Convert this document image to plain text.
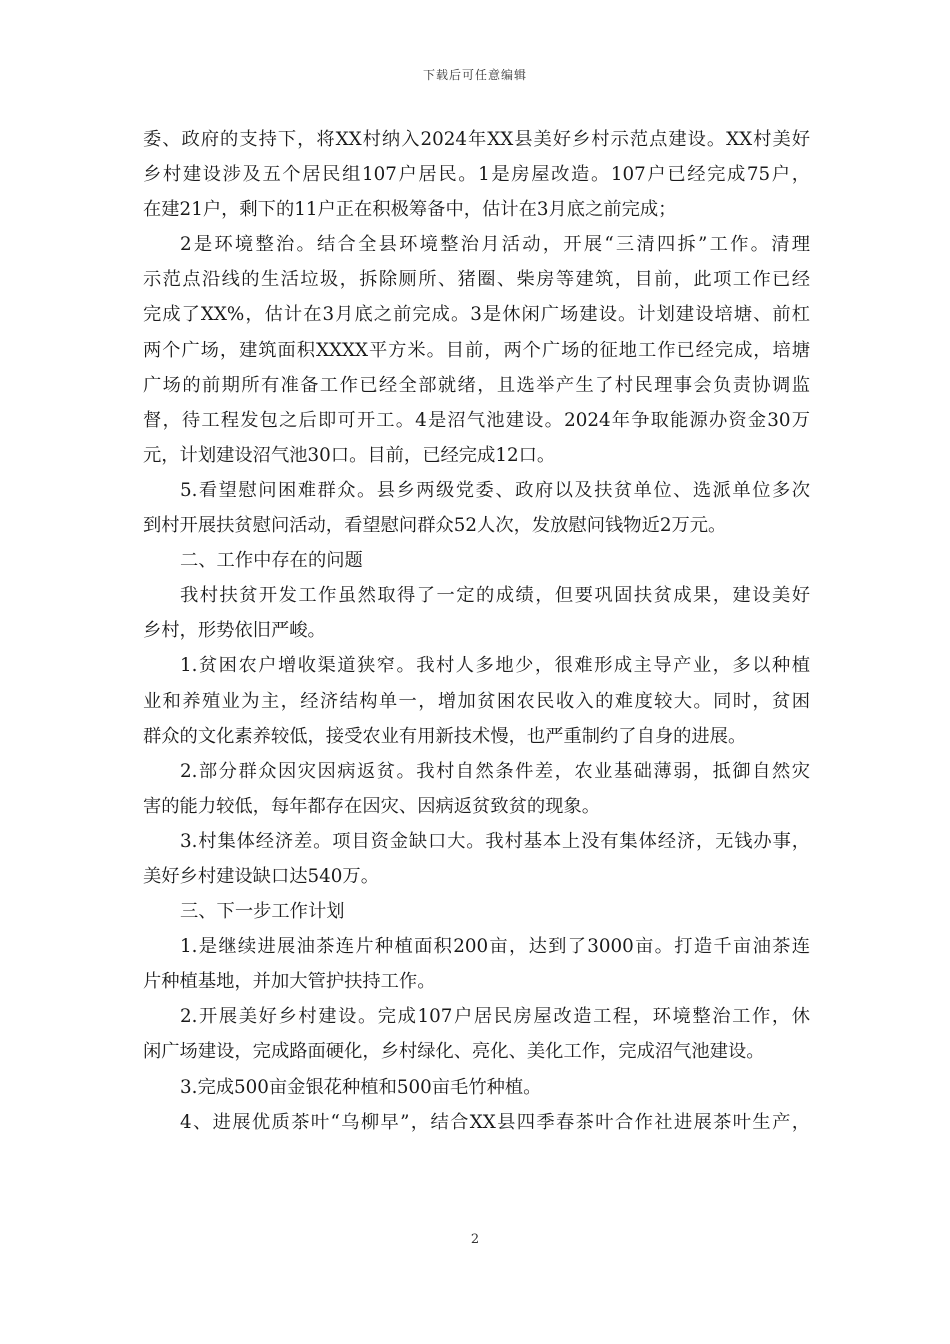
下载后可任意编辑
委、政府的支持下，将XX村纳入2024年XX县美好乡村示范点建设。XX村美好
乡村建设涉及五个居民组107户居民。1是房屋改造。107户已经完成75户，
在建21户，剩下的11户正在积极筹备中，估计在3月底之前完成；
2是环境整治。结合全县环境整治月活动，开展“三清四拆”工作。清理
示范点沿线的生活垃圾，拆除厕所、猪圈、柴房等建筑，目前，此项工作已经
完成了XX%，估计在3月底之前完成。3是休闲广场建设。计划建设培塘、前杠
两个广场，建筑面积XXXX平方米。目前，两个广场的征地工作已经完成，培塘
广场的前期所有准备工作已经全部就绪，且选举产生了村民理事会负责协调监
督，待工程发包之后即可开工。4是沼气池建设。2024年争取能源办资金30万
元，计划建设沼气池30口。目前，已经完成12口。
5.看望慰问困难群众。县乡两级党委、政府以及扶贫单位、选派单位多次
到村开展扶贫慰问活动，看望慰问群众52人次，发放慰问钱物近2万元。
二、工作中存在的问题
我村扶贫开发工作虽然取得了一定的成绩，但要巩固扶贫成果，建设美好
乡村，形势依旧严峻。
1.贫困农户增收渠道狭窄。我村人多地少，很难形成主导产业，多以种植
业和养殖业为主，经济结构单一，增加贫困农民收入的难度较大。同时，贫困
群众的文化素养较低，接受农业有用新技术慢，也严重制约了自身的进展。
2.部分群众因灾因病返贫。我村自然条件差，农业基础薄弱，抵御自然灾
害的能力较低，每年都存在因灾、因病返贫致贫的现象。
3.村集体经济差。项目资金缺口大。我村基本上没有集体经济，无钱办事，
美好乡村建设缺口达540万。
三、下一步工作计划
1.是继续进展油茶连片种植面积200亩，达到了3000亩。打造千亩油茶连
片种植基地，并加大管护扶持工作。
2.开展美好乡村建设。完成107户居民房屋改造工程，环境整治工作，休
闲广场建设，完成路面硬化，乡村绿化、亮化、美化工作，完成沼气池建设。
3.完成500亩金银花种植和500亩毛竹种植。
4、进展优质茶叶“乌柳早”，结合XX县四季春茶叶合作社进展茶叶生产，
2
